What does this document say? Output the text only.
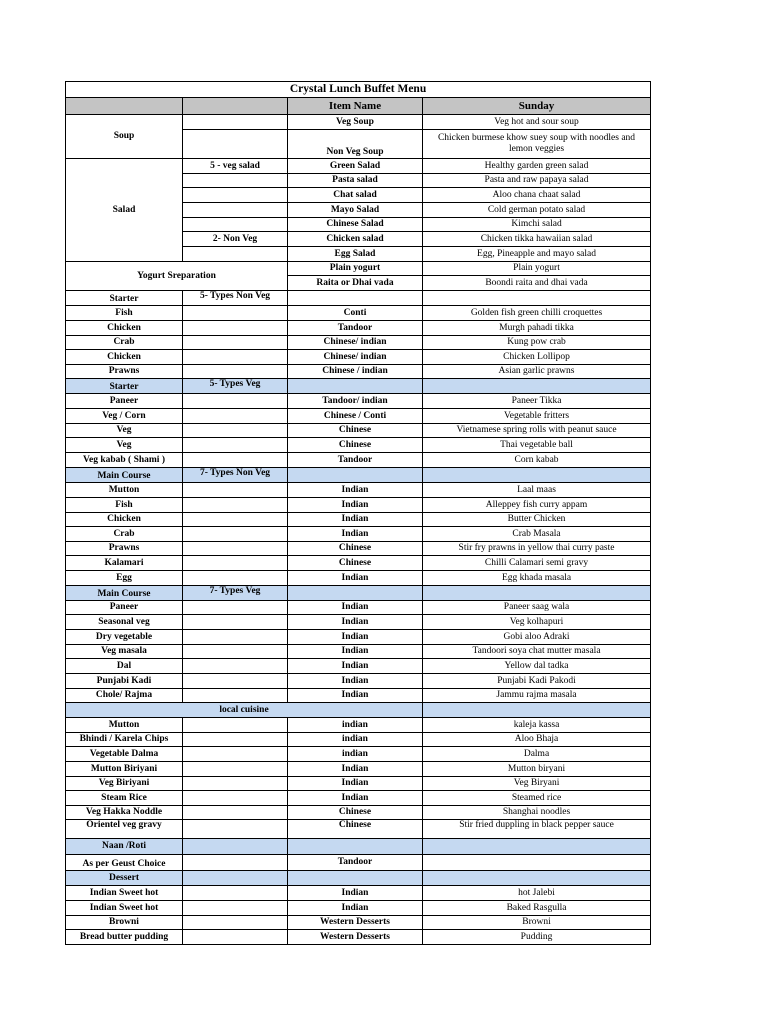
Crystal Lunch Buffet Menu			
		Item Name	Sunday
Soup		Veg Soup	Veg hot and sour soup
		Non Veg Soup	Chicken burmese khow suey soup with noodles and lemon veggies
Salad	5 - veg salad	Green Salad	Healthy garden green salad
		Pasta salad	Pasta and raw papaya salad
		Chat salad	Aloo chana chaat salad
		Mayo Salad	Cold german potato salad
		Chinese Salad	Kimchi salad
	2- Non Veg	Chicken salad	Chicken tikka hawaiian salad
		Egg Salad	Egg, Pineapple and mayo salad
Yogurt Sreparation		Plain yogurt	Plain yogurt
		Raita or Dhai vada	Boondi raita and dhai vada
Starter	5- Types Non Veg		
Fish		Conti	Golden fish green chilli croquettes
Chicken		Tandoor	Murgh pahadi tikka
Crab		Chinese/ indian	Kung pow crab
Chicken		Chinese/ indian	Chicken Lollipop
Prawns		Chinese / indian	Asian garlic prawns
Starter	5- Types Veg		
Paneer		Tandoor/ indian	Paneer Tikka
Veg / Corn		Chinese / Conti	Vegetable fritters
Veg		Chinese	Vietnamese spring rolls with peanut sauce
Veg		Chinese	Thai vegetable ball
Veg kabab ( Shami )		Tandoor	Corn kabab
Main Course	7- Types Non Veg		
Mutton		Indian	Laal maas
Fish		Indian	Alleppey fish curry appam
Chicken		Indian	Butter Chicken
Crab		Indian	Crab Masala
Prawns		Chinese	Stir fry prawns in yellow thai curry paste
Kalamari		Chinese	Chilli Calamari semi gravy
Egg		Indian	Egg khada masala
Main Course	7- Types Veg		
Paneer		Indian	Paneer saag wala
Seasonal veg		Indian	Veg kolhapuri
Dry vegetable		Indian	Gobi aloo Adraki
Veg masala		Indian	Tandoori soya chat mutter masala
Dal		Indian	Yellow dal tadka
Punjabi Kadi		Indian	Punjabi Kadi Pakodi
Chole/ Rajma		Indian	Jammu rajma masala
local cuisine			
Mutton		indian	kaleja kassa
Bhindi / Karela Chips		indian	Aloo Bhaja
Vegetable Dalma		indian	Dalma
Mutton Biriyani		Indian	Mutton biryani
Veg Biriyani		Indian	Veg Biryani
Steam Rice		Indian	Steamed rice
Veg Hakka Noddle		Chinese	Shanghai noodles
Orientel veg gravy		Chinese	Stir fried duppling in black pepper sauce
Naan /Roti			
As per Geust Choice		Tandoor	
Dessert			
Indian Sweet hot		Indian	hot Jalebi
Indian Sweet hot		Indian	Baked Rasgulla
Browni		Western Desserts	Browni
Bread butter pudding		Western Desserts	Pudding
